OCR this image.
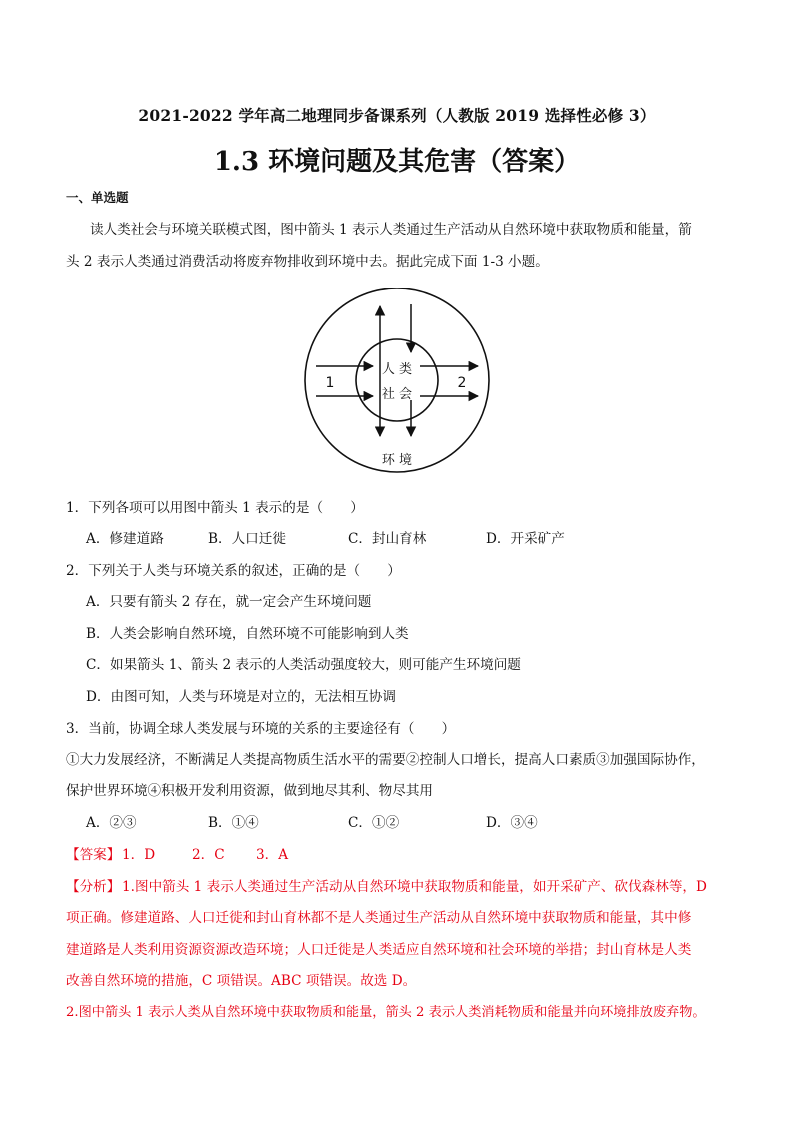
2021-2022 学年高二地理同步备课系列（人教版 2019 选择性必修 3）
1.3 环境问题及其危害（答案）
一、单选题
读人类社会与环境关联模式图，图中箭头 1 表示人类通过生产活动从自然环境中获取物质和能量，箭
头 2 表示人类通过消费活动将废弃物排收到环境中去。据此完成下面 1-3 小题。
人 类
社 会
环 境
1	2
1．下列各项可以用图中箭头 1 表示的是（　　）
A．修建道路	B．人口迁徙	C．封山育林	D．开采矿产
2．下列关于人类与环境关系的叙述，正确的是（　　）
A．只要有箭头 2 存在，就一定会产生环境问题
B．人类会影响自然环境，自然环境不可能影响到人类
C．如果箭头 1、箭头 2 表示的人类活动强度较大，则可能产生环境问题
D．由图可知，人类与环境是对立的，无法相互协调
3．当前，协调全球人类发展与环境的关系的主要途径有（　　）
①大力发展经济，不断满足人类提高物质生活水平的需要②控制人口增长，提高人口素质③加强国际协作，
保护世界环境④积极开发利用资源，做到地尽其利、物尽其用
A．②③	B．①④	C．①②	D．③④
【答案】 1．D	2．C 3．A
【分析】 1.图中箭头 1 表示人类通过生产活动从自然环境中获取物质和能量，如开采矿产、砍伐森林等，D
项正确。修建道路、人口迁徙和封山育林都不是人类通过生产活动从自然环境中获取物质和能量，其中修
建道路是人类利用资源资源改造环境；人口迁徙是人类适应自然环境和社会环境的举措；封山育林是人类
改善自然环境的措施，C 项错误。ABC 项错误。故选 D。
2.图中箭头 1 表示人类从自然环境中获取物质和能量，箭头 2 表示人类消耗物质和能量并向环境排放废弃物。
